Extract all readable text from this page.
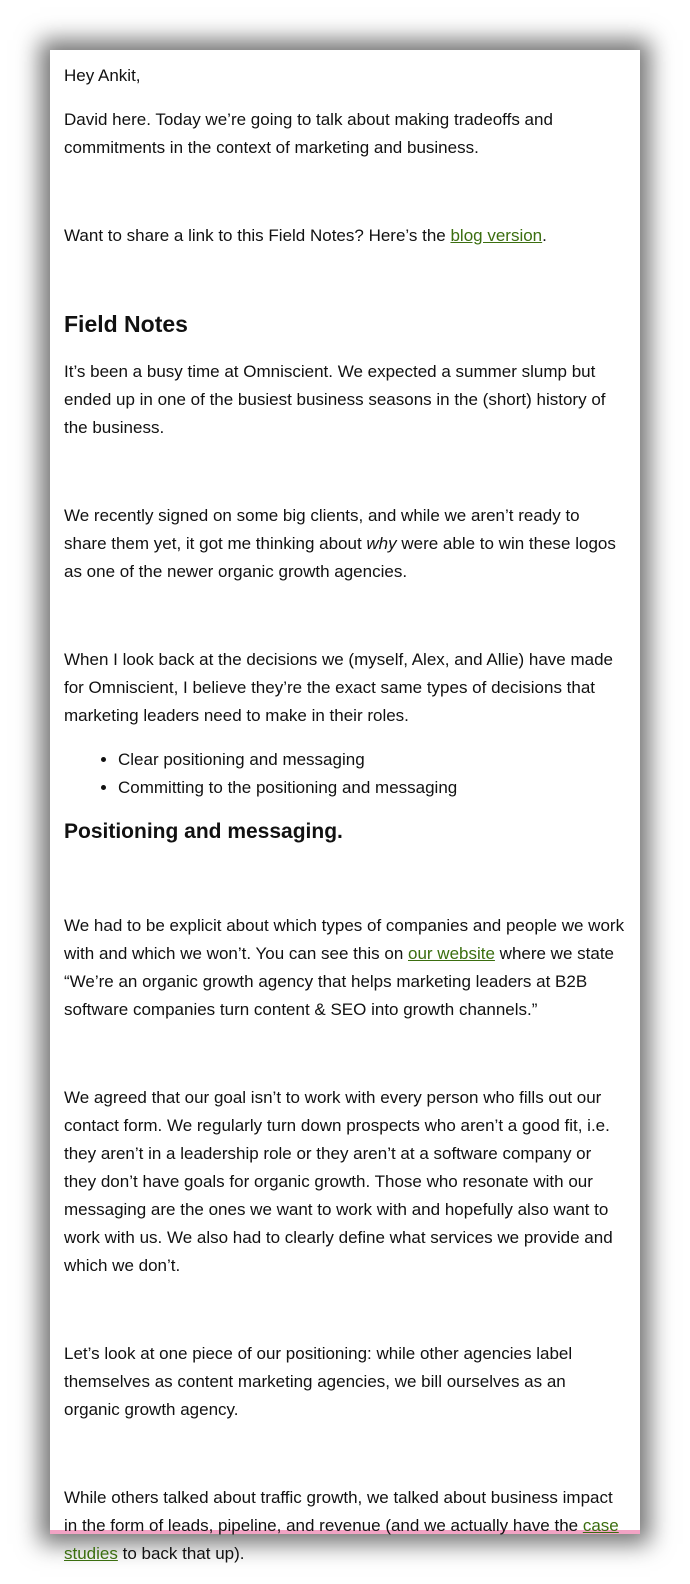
Hey Ankit,

David here. Today we’re going to talk about making tradeoffs and commitments in the context of marketing and business.

Want to share a link to this Field Notes? Here’s the blog version.

Field Notes

It’s been a busy time at Omniscient. We expected a summer slump but ended up in one of the busiest business seasons in the (short) history of the business.

We recently signed on some big clients, and while we aren’t ready to share them yet, it got me thinking about why were able to win these logos as one of the newer organic growth agencies.

When I look back at the decisions we (myself, Alex, and Allie) have made for Omniscient, I believe they’re the exact same types of decisions that marketing leaders need to make in their roles.

• Clear positioning and messaging
• Committing to the positioning and messaging
Positioning and messaging.

We had to be explicit about which types of companies and people we work with and which we won’t. You can see this on our website where we state “We’re an organic growth agency that helps marketing leaders at B2B software companies turn content & SEO into growth channels.”

We agreed that our goal isn’t to work with every person who fills out our contact form. We regularly turn down prospects who aren’t a good fit, i.e. they aren’t in a leadership role or they aren’t at a software company or they don’t have goals for organic growth. Those who resonate with our messaging are the ones we want to work with and hopefully also want to work with us. We also had to clearly define what services we provide and which we don’t.

Let’s look at one piece of our positioning: while other agencies label themselves as content marketing agencies, we bill ourselves as an organic growth agency.

While others talked about traffic growth, we talked about business impact in the form of leads, pipeline, and revenue (and we actually have the case studies to back that up).
